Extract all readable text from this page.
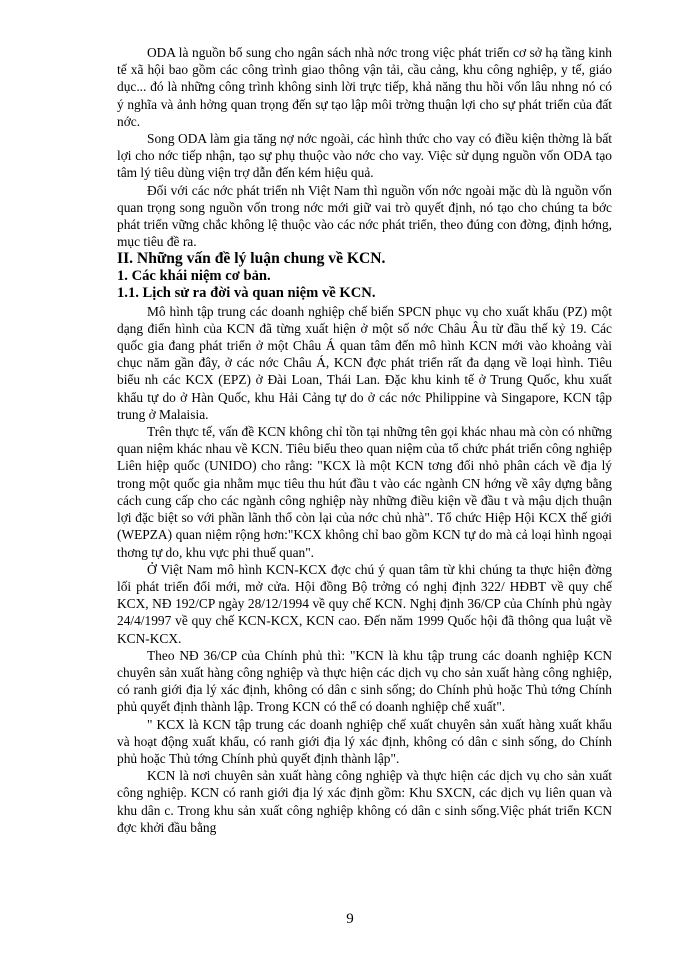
ODA là nguồn bổ sung cho ngân sách nhà nớc trong việc phát triển cơ sở hạ tầng kinh tế xã hội bao gồm các công trình giao thông vận tải, cầu cảng, khu công nghiệp, y tế, giáo dục... đó là những công trình không sinh lời trực tiếp, khả năng thu hồi vốn lâu nhng nó có ý nghĩa và ảnh hởng quan trọng đến sự tạo lập môi trờng thuận lợi cho sự phát triển của đất nớc.

Song ODA làm gia tăng nợ nớc ngoài, các hình thức cho vay có điều kiện thờng là bất lợi cho nớc tiếp nhận, tạo sự phụ thuộc vào nớc cho vay. Việc sử dụng nguồn vốn ODA tạo tâm lý tiêu dùng viện trợ dẫn đến kém hiệu quả.

Đối với các nớc phát triển nh Việt Nam thì nguồn vốn nớc ngoài mặc dù là nguồn vốn quan trọng song nguồn vốn trong nớc mới giữ vai trò quyết định, nó tạo cho chúng ta bớc phát triển vững chắc không lệ thuộc vào các nớc phát triển, theo đúng con đờng, định hớng, mục tiêu đề ra.

II. Những vấn đề lý luận chung về KCN.
1. Các khái niệm cơ bản.
1.1. Lịch sử ra đời và quan niệm về KCN.

Mô hình tập trung các doanh nghiệp chế biến SPCN phục vụ cho xuất khẩu (PZ) một dạng điển hình của KCN đã từng xuất hiện ở một số nớc Châu Âu từ đầu thế kỷ 19. Các quốc gia đang phát triển ở một Châu Á quan tâm đến mô hình KCN mới vào khoảng vài chục năm gần đây, ở các nớc Châu Á, KCN đợc phát triển rất đa dạng về loại hình. Tiêu biểu nh các KCX (EPZ) ở Đài Loan, Thái Lan. Đặc khu kinh tế ở Trung Quốc, khu xuất khẩu tự do ở Hàn Quốc, khu Hải Cảng tự do ở các nớc Philippine và Singapore, KCN tập trung ở Malaisia.

Trên thực tế, vấn đề KCN không chỉ tồn tại những tên gọi khác nhau mà còn có những quan niệm khác nhau về KCN. Tiêu biểu theo quan niệm của tổ chức phát triển công nghiệp Liên hiệp quốc (UNIDO) cho rằng: "KCX là một KCN tơng đối nhỏ phân cách về địa lý trong một quốc gia nhằm mục tiêu thu hút đầu t vào các ngành CN hớng về xây dựng bằng cách cung cấp cho các ngành công nghiệp này những điều kiện về đầu t và mậu dịch thuận lợi đặc biệt so với phần lãnh thổ còn lại của nớc chủ nhà". Tổ chức Hiệp Hội KCX thế giới (WEPZA) quan niệm rộng hơn:"KCX không chỉ bao gồm KCN tự do mà cả loại hình ngoại thơng tự do, khu vực phi thuế quan".

Ở Việt Nam mô hình KCN-KCX đợc chú ý quan tâm từ khi chúng ta thực hiện đờng lối phát triển đổi mới, mở cửa. Hội đồng Bộ trởng có nghị định 322/ HĐBT về quy chế KCX, NĐ 192/CP ngày 28/12/1994 về quy chế KCN. Nghị định 36/CP của Chính phủ ngày 24/4/1997 về quy chế KCN-KCX, KCN cao. Đến năm 1999 Quốc hội đã thông qua luật về KCN-KCX.

Theo NĐ 36/CP của Chính phủ thì: "KCN là khu tập trung các doanh nghiệp KCN chuyên sản xuất hàng công nghiệp và thực hiện các dịch vụ cho sản xuất hàng công nghiệp, có ranh giới địa lý xác định, không có dân c sinh sống; do Chính phủ hoặc Thủ tớng Chính phủ quyết định thành lập. Trong KCN có thể có doanh nghiệp chế xuất".

" KCX là KCN tập trung các doanh nghiệp chế xuất chuyên sản xuất hàng xuất khẩu và hoạt động xuất khẩu, có ranh giới địa lý xác định, không có dân c sinh sống, do Chính phủ hoặc Thủ tớng Chính phủ quyết định thành lập".

KCN là nơi chuyên sản xuất hàng công nghiệp và thực hiện các dịch vụ cho sản xuất công nghiệp. KCN có ranh giới địa lý xác định gồm: Khu SXCN, các dịch vụ liên quan và khu dân c. Trong khu sản xuất công nghiệp không có dân c sinh sống.Việc phát triển KCN đợc khởi đầu bằng

9
